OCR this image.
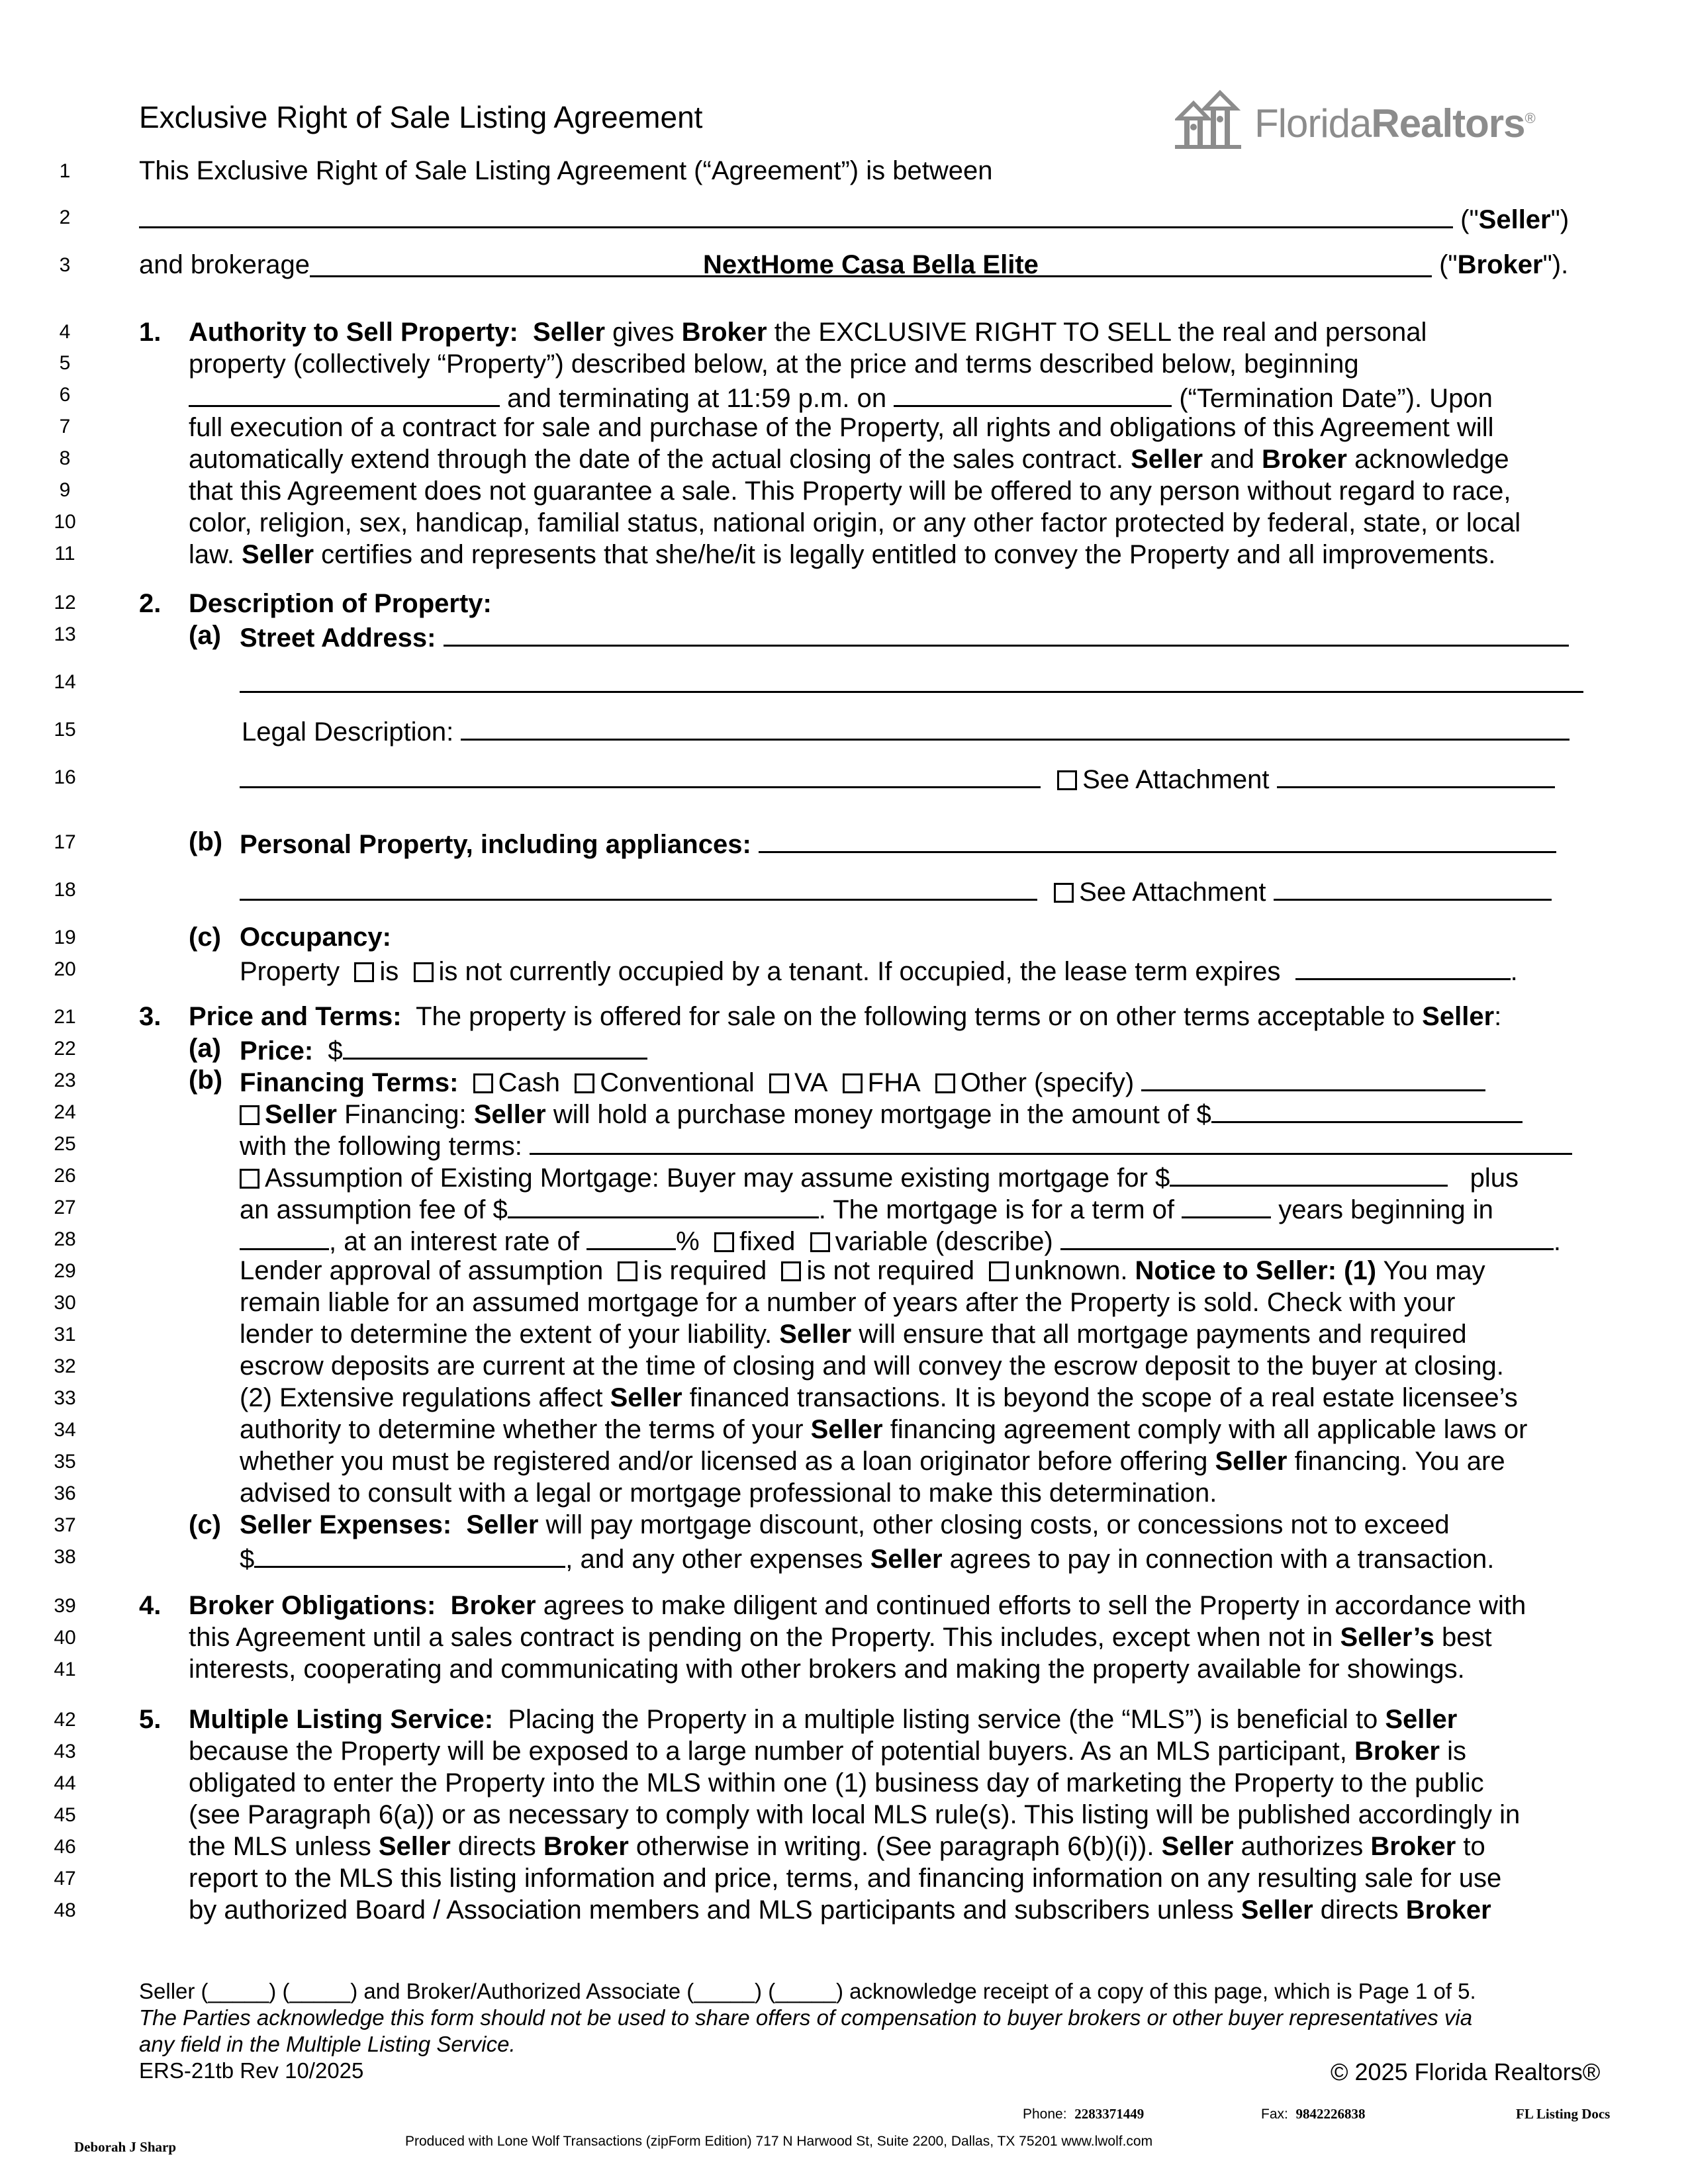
Exclusive Right of Sale Listing Agreement	FloridaRealtors®
1
2
3
4
5
6
7
8
9
10
11
12
13
14
15
16
17
18
19
20
21
22
23
24
25
26
27
28
29
30
31
32
33
34
35
36
37
38
39
40
41
42
43
44
45
46
47
48
This Exclusive Right of Sale Listing Agreement (“Agreement”) is between
("Seller")
and brokerage	NextHome Casa Bella Elite	("Broker").
1. Authority to Sell Property: Seller gives Broker the EXCLUSIVE RIGHT TO SELL the real and personal
property (collectively “Property”) described below, at the price and terms described below, beginning
and terminating at 11:59 p.m. on	(“Termination Date”). Upon
full execution of a contract for sale and purchase of the Property, all rights and obligations of this Agreement will
automatically extend through the date of the actual closing of the sales contract. Seller and Broker acknowledge
that this Agreement does not guarantee a sale. This Property will be offered to any person without regard to race,
color, religion, sex, handicap, familial status, national origin, or any other factor protected by federal, state, or local
law. Seller certifies and represents that she/he/it is legally entitled to convey the Property and all improvements.
2. Description of Property:
(a) Street Address:
Legal Description:
See Attachment
(b) Personal Property, including appliances:
See Attachment
(c) Occupancy:
Property is is not currently occupied by a tenant. If occupied, the lease term expires	.
3. Price and Terms: The property is offered for sale on the following terms or on other terms acceptable to Seller:
(a) Price: $
(b) Financing Terms: Cash Conventional VA FHA Other (specify)
Seller Financing: Seller will hold a purchase money mortgage in the amount of $
with the following terms:
Assumption of Existing Mortgage: Buyer may assume existing mortgage for $	plus
an assumption fee of $	. The mortgage is for a term of	years beginning in
, at an interest rate of	% fixed variable (describe)	.
Lender approval of assumption is required is not required unknown. Notice to Seller: (1) You may
remain liable for an assumed mortgage for a number of years after the Property is sold. Check with your
lender to determine the extent of your liability. Seller will ensure that all mortgage payments and required
escrow deposits are current at the time of closing and will convey the escrow deposit to the buyer at closing.
(2) Extensive regulations affect Seller financed transactions. It is beyond the scope of a real estate licensee’s
authority to determine whether the terms of your Seller financing agreement comply with all applicable laws or
whether you must be registered and/or licensed as a loan originator before offering Seller financing. You are
advised to consult with a legal or mortgage professional to make this determination.
(c) Seller Expenses: Seller will pay mortgage discount, other closing costs, or concessions not to exceed
$	, and any other expenses Seller agrees to pay in connection with a transaction.
4. Broker Obligations: Broker agrees to make diligent and continued efforts to sell the Property in accordance with
this Agreement until a sales contract is pending on the Property. This includes, except when not in Seller’s best
interests, cooperating and communicating with other brokers and making the property available for showings.
5. Multiple Listing Service: Placing the Property in a multiple listing service (the “MLS”) is beneficial to Seller
because the Property will be exposed to a large number of potential buyers. As an MLS participant, Broker is
obligated to enter the Property into the MLS within one (1) business day of marketing the Property to the public
(see Paragraph 6(a)) or as necessary to comply with local MLS rule(s). This listing will be published accordingly in
the MLS unless Seller directs Broker otherwise in writing. (See paragraph 6(b)(i)). Seller authorizes Broker to
report to the MLS this listing information and price, terms, and financing information on any resulting sale for use
by authorized Board / Association members and MLS participants and subscribers unless Seller directs Broker
Seller (_____) (_____) and Broker/Authorized Associate (_____) (_____) acknowledge receipt of a copy of this page, which is Page 1 of 5.
The Parties acknowledge this form should not be used to share offers of compensation to buyer brokers or other buyer representatives via
any field in the Multiple Listing Service.
ERS-21tb Rev 10/2025	© 2025 Florida Realtors®
Phone: 2283371449	Fax: 9842226838	FL Listing Docs
Deborah J Sharp	Produced with Lone Wolf Transactions (zipForm Edition) 717 N Harwood St, Suite 2200, Dallas, TX 75201 www.lwolf.com
